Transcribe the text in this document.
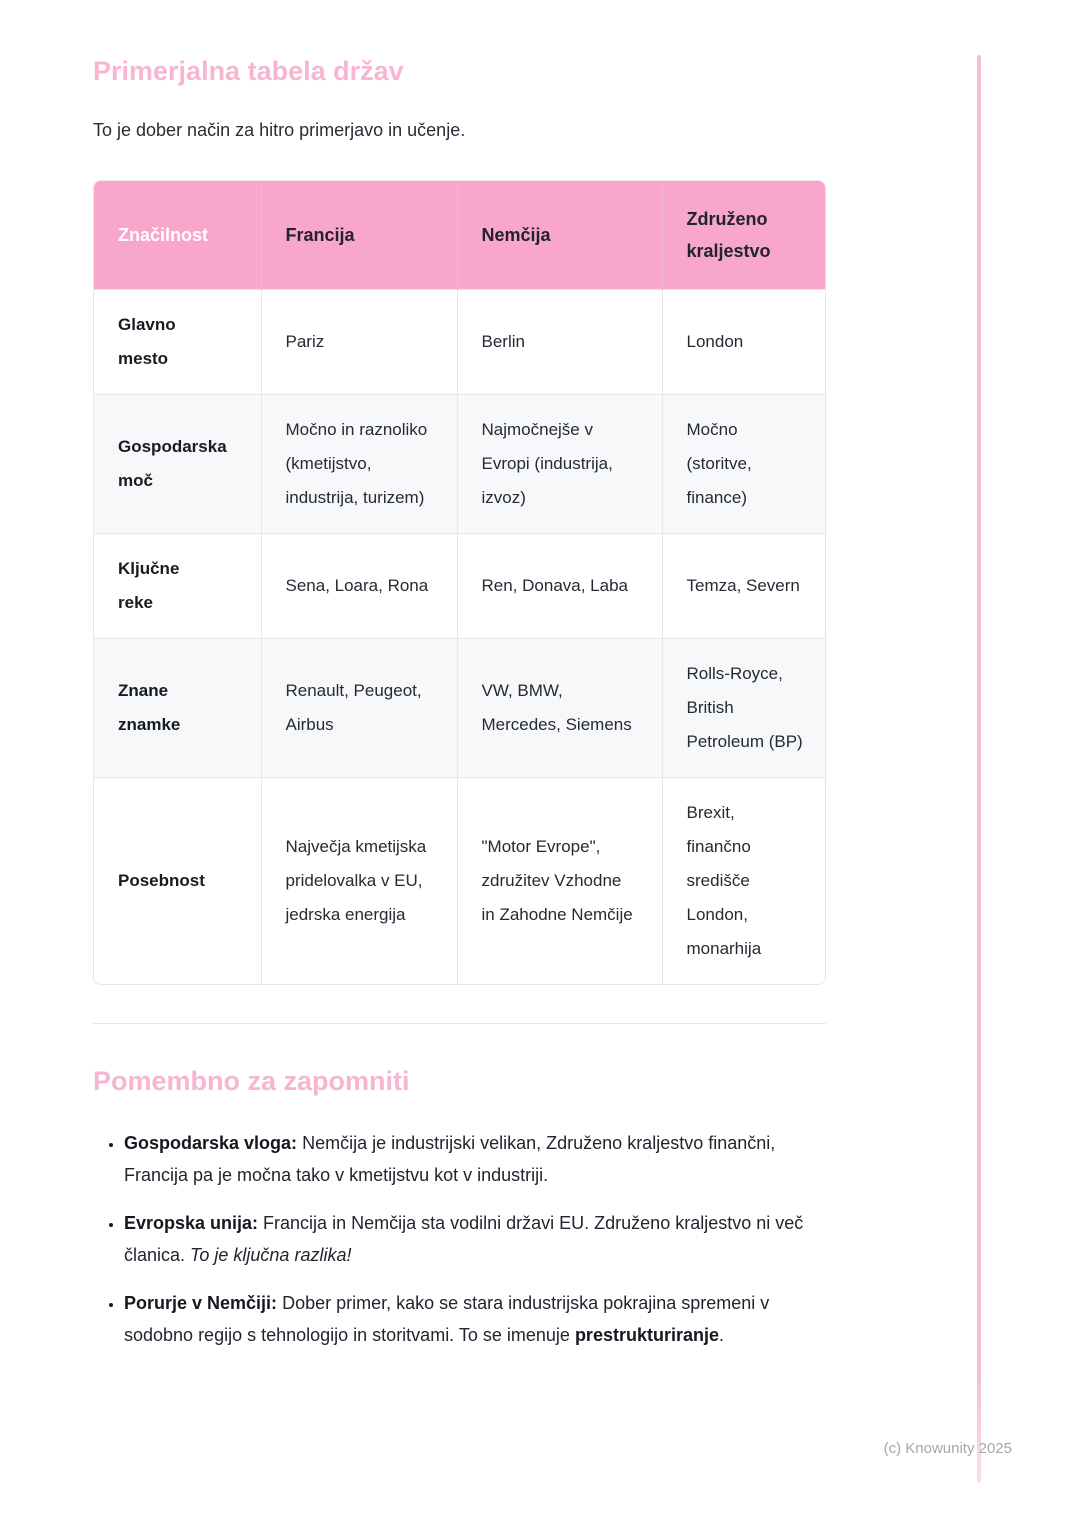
Primerjalna tabela držav

To je dober način za hitro primerjavo in učenje.

Značilnost	Francija	Nemčija	Združeno kraljestvo
Glavno mesto	Pariz	Berlin	London
Gospodarska moč	Močno in raznoliko (kmetijstvo, industrija, turizem)	Najmočnejše v Evropi (industrija, izvoz)	Močno (storitve, finance)
Ključne reke	Sena, Loara, Rona	Ren, Donava, Laba	Temza, Severn
Znane znamke	Renault, Peugeot, Airbus	VW, BMW, Mercedes, Siemens	Rolls-Royce, British Petroleum (BP)
Posebnost	Največja kmetijska pridelovalka v EU, jedrska energija	"Motor Evrope", združitev Vzhodne in Zahodne Nemčije	Brexit, finančno središče London, monarhija
Pomembno za zapomniti
• Gospodarska vloga: Nemčija je industrijski velikan, Združeno kraljestvo finančni, Francija pa je močna tako v kmetijstvu kot v industriji.
• Evropska unija: Francija in Nemčija sta vodilni državi EU. Združeno kraljestvo ni več članica. To je ključna razlika!
• Porurje v Nemčiji: Dober primer, kako se stara industrijska pokrajina spremeni v sodobno regijo s tehnologijo in storitvami. To se imenuje prestrukturiranje.
(c) Knowunity 2025
